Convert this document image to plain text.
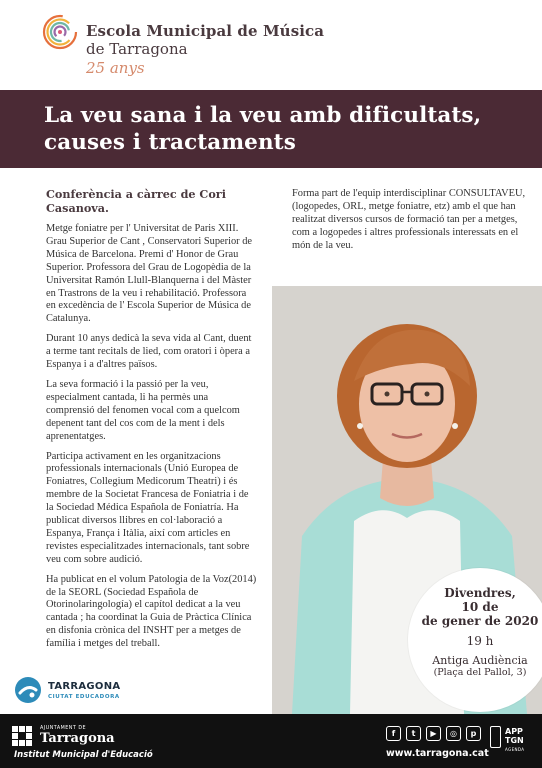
Escola Municipal de Música
de Tarragona
25 anys
La veu sana i la veu amb dificultats,
causes i tractaments
Conferència a càrrec de Cori Casanova.

Metge foniatre per l' Universitat de Paris XIII. Grau Superior de Cant , Conservatori Superior de Música de Barcelona. Premi d' Honor de Grau Superior. Professora del Grau de Logopèdia de la Universitat Ramón Llull-Blanquerna i del Màster en Trastrons de la veu i rehabilitació. Professora en excedència de l' Escola Superior de Música de Catalunya.

Durant 10 anys dedicà la seva vida al Cant, duent a terme tant recitals de lied, com oratori i òpera a Espanya i a d'altres països.

La seva formació i la passió per la veu, especialment cantada, li ha permès una comprensió del fenomen vocal com a quelcom depenent tant del cos com de la ment i dels aprenentatges.

Participa activament en les organitzacions professionals internacionals (Unió Europea de Foniatres, Collegium Medicorum Theatri) i és membre de la Societat Francesa de Foniatria i de la Sociedad Médica Española de Foniatría. Ha publicat diversos llibres en col·laboració a Espanya, França i Itàlia, així com articles en revistes especialitzades internacionals, tant sobre veu com sobre audició.

Ha publicat en el volum Patologia de la Voz(2014) de la SEORL (Sociedad Española de Otorinolaringología) el capítol dedicat a la veu cantada ; ha coordinat la Guia de Pràctica Clínica en disfonia crònica del INSHT per a metges de família i metges del treball.

Forma part de l'equip interdisciplinar CONSULTAVEU, (logopedes, ORL, metge foniatre, etz) amb el que han realitzat diversos cursos de formació tan per a metges, com a logopedes i altres professionals interessats en el món de la veu.

Divendres,
10 de
de gener de 2020
19 h
Antiga Audiència
(Plaça del Pallol, 3)
TARRAGONA
CIUTAT EDUCADORA
AJUNTAMENT DE
Tarragona
Institut Municipal d'Educació
f	t	▶	◎	p
www.tarragona.cat
APP
TGN
AGENDA
